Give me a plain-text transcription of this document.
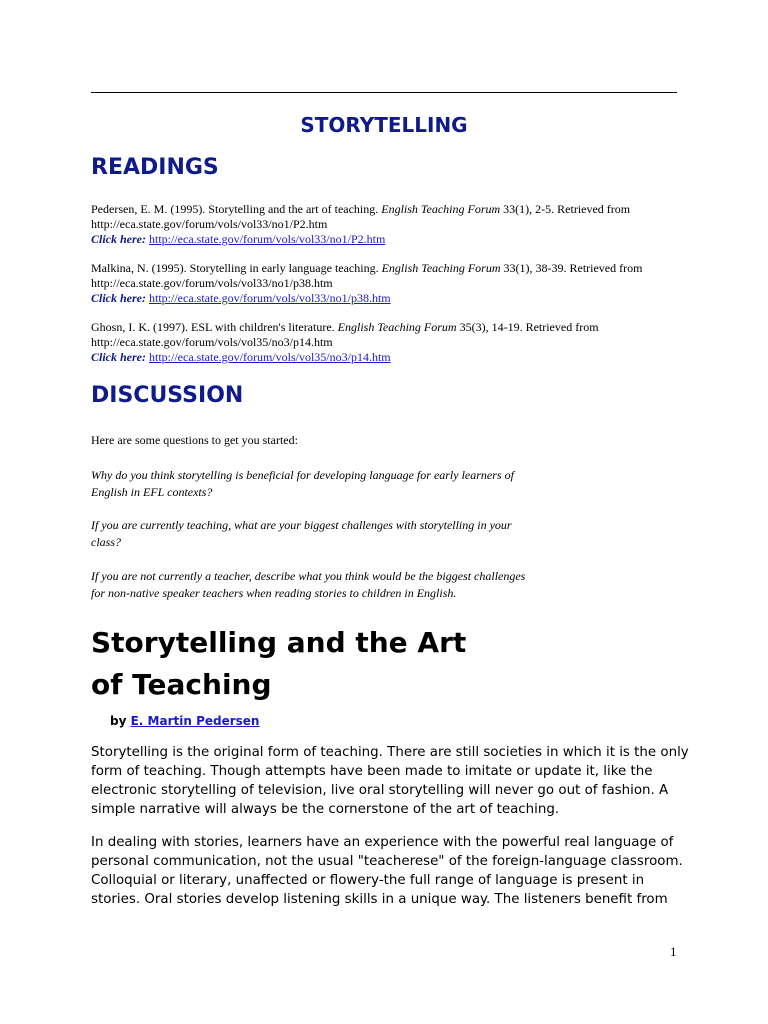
STORYTELLING
READINGS
Pedersen, E. M. (1995). Storytelling and the art of teaching. English Teaching Forum 33(1), 2-5. Retrieved from
http://eca.state.gov/forum/vols/vol33/no1/P2.htm
Click here: http://eca.state.gov/forum/vols/vol33/no1/P2.htm
Malkina, N. (1995). Storytelling in early language teaching. English Teaching Forum 33(1), 38-39. Retrieved from
http://eca.state.gov/forum/vols/vol33/no1/p38.htm
Click here: http://eca.state.gov/forum/vols/vol33/no1/p38.htm
Ghosn, I. K. (1997). ESL with children's literature. English Teaching Forum 35(3), 14-19. Retrieved from
http://eca.state.gov/forum/vols/vol35/no3/p14.htm
Click here: http://eca.state.gov/forum/vols/vol35/no3/p14.htm
DISCUSSION

Here are some questions to get you started:

Why do you think storytelling is beneficial for developing language for early learners of English in EFL contexts?

If you are currently teaching, what are your biggest challenges with storytelling in your class?

If you are not currently a teacher, describe what you think would be the biggest challenges for non-native speaker teachers when reading stories to children in English.

Storytelling and the Art
of Teaching
by E. Martin Pedersen

Storytelling is the original form of teaching. There are still societies in which it is the only form of teaching. Though attempts have been made to imitate or update it, like the electronic storytelling of television, live oral storytelling will never go out of fashion. A simple narrative will always be the cornerstone of the art of teaching.

In dealing with stories, learners have an experience with the powerful real language of personal communication, not the usual "teacherese" of the foreign-language classroom. Colloquial or literary, unaffected or flowery-the full range of language is present in stories. Oral stories develop listening skills in a unique way. The listeners benefit from

1
